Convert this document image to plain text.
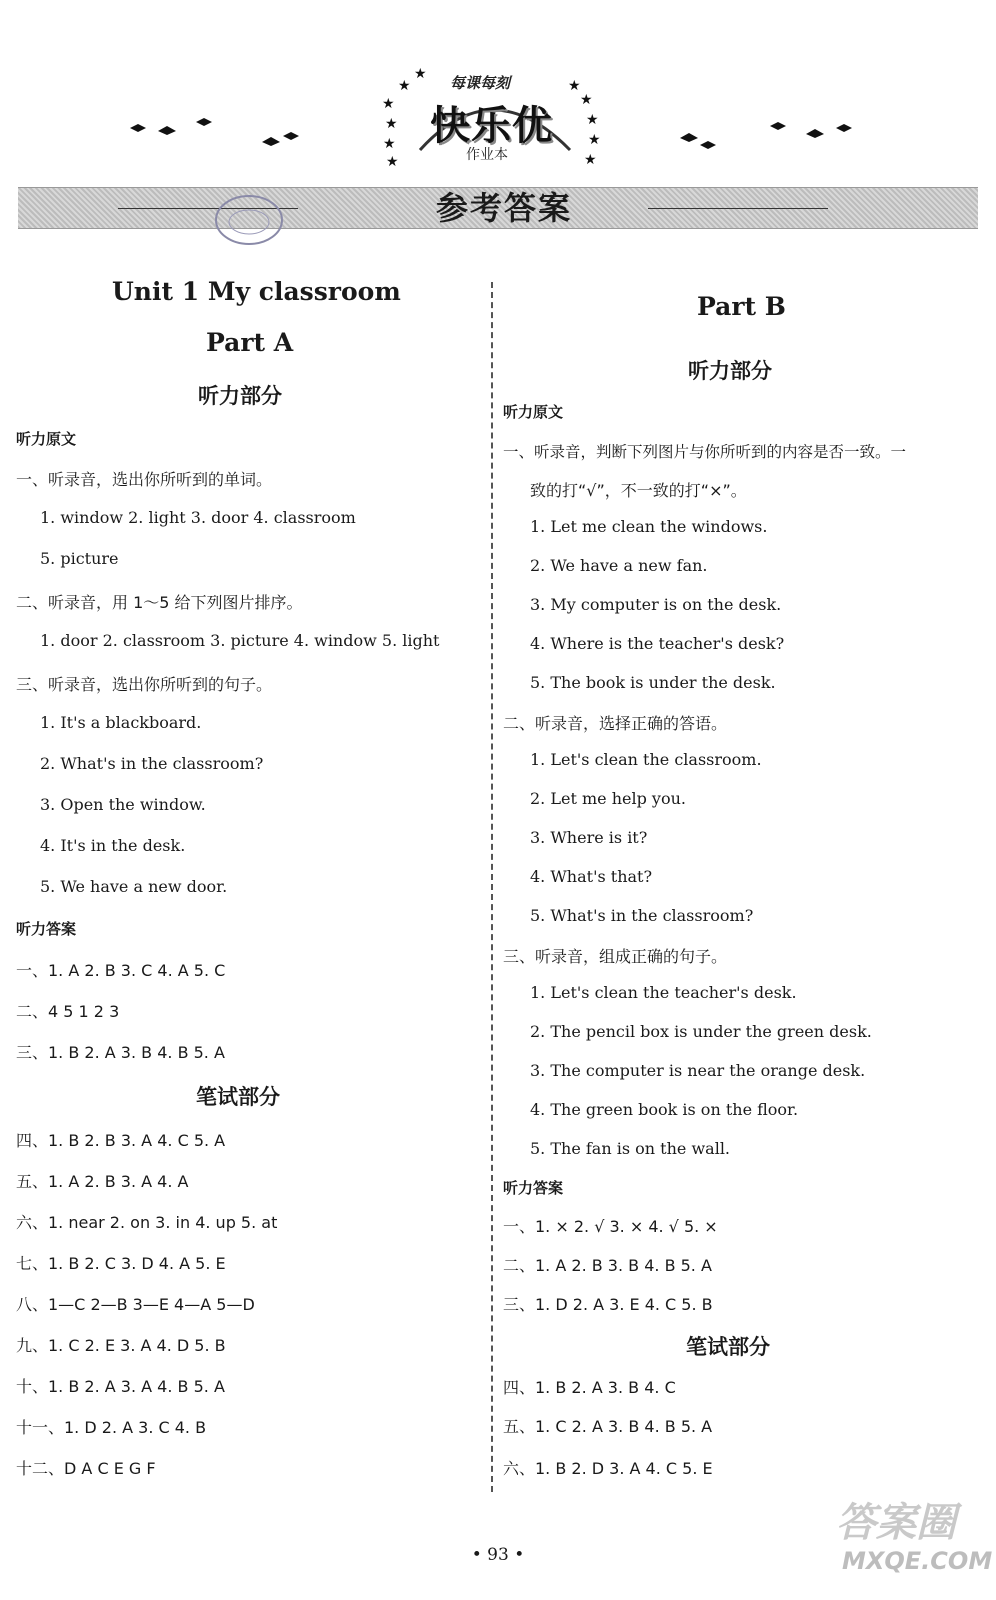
★
★
★
★
★
★
★
★
★
★
★
每课每刻
快乐优
作业本
参考答案
Unit 1 My classroom
Part A
听力部分
听力原文
一、听录音，选出你所听到的单词。
1. window 2. light 3. door 4. classroom
5. picture
二、听录音，用 1～5 给下列图片排序。
1. door 2. classroom 3. picture 4. window 5. light
三、听录音，选出你所听到的句子。
1. It's a blackboard.
2. What's in the classroom?
3. Open the window.
4. It's in the desk.
5. We have a new door.
听力答案
一、1. A 2. B 3. C 4. A 5. C
二、4 5 1 2 3
三、1. B 2. A 3. B 4. B 5. A
笔试部分
四、1. B 2. B 3. A 4. C 5. A
五、1. A 2. B 3. A 4. A
六、1. near 2. on 3. in 4. up 5. at
七、1. B 2. C 3. D 4. A 5. E
八、1—C 2—B 3—E 4—A 5—D
九、1. C 2. E 3. A 4. D 5. B
十、1. B 2. A 3. A 4. B 5. A
十一、1. D 2. A 3. C 4. B
十二、D A C E G F
Part B
听力部分
听力原文
一、听录音，判断下列图片与你所听到的内容是否一致。一
致的打“√”，不一致的打“×”。
1. Let me clean the windows.
2. We have a new fan.
3. My computer is on the desk.
4. Where is the teacher's desk?
5. The book is under the desk.
二、听录音，选择正确的答语。
1. Let's clean the classroom.
2. Let me help you.
3. Where is it?
4. What's that?
5. What's in the classroom?
三、听录音，组成正确的句子。
1. Let's clean the teacher's desk.
2. The pencil box is under the green desk.
3. The computer is near the orange desk.
4. The green book is on the floor.
5. The fan is on the wall.
听力答案
一、1. × 2. √ 3. × 4. √ 5. ×
二、1. A 2. B 3. B 4. B 5. A
三、1. D 2. A 3. E 4. C 5. B
笔试部分
四、1. B 2. A 3. B 4. C
五、1. C 2. A 3. B 4. B 5. A
六、1. B 2. D 3. A 4. C 5. E
• 93 •
答案圈
MXQE.COM
